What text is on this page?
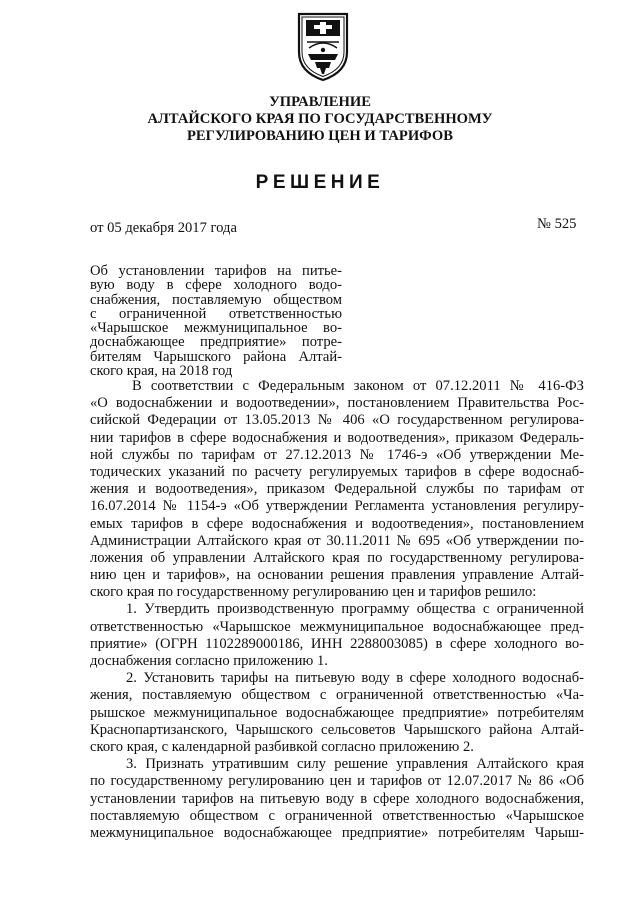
УПРАВЛЕНИЕ
АЛТАЙСКОГО КРАЯ ПО ГОСУДАРСТВЕННОМУ
РЕГУЛИРОВАНИЮ ЦЕН И ТАРИФОВ
РЕШЕНИЕ
от 05 декабря 2017 года	№ 525
Об установлении тарифов на питье-
вую воду в сфере холодного водо-
снабжения, поставляемую обществом
с ограниченной ответственностью
«Чарышское межмуниципальное во-
доснабжающее предприятие» потре-
бителям Чарышского района Алтай-
ского края, на 2018 год
В соответствии с Федеральным законом от 07.12.2011 № 416-ФЗ
«О водоснабжении и водоотведении», постановлением Правительства Рос-
сийской Федерации от 13.05.2013 № 406 «О государственном регулирова-
нии тарифов в сфере водоснабжения и водоотведения», приказом Федераль-
ной службы по тарифам от 27.12.2013 № 1746-э «Об утверждении Ме-
тодических указаний по расчету регулируемых тарифов в сфере водоснаб-
жения и водоотведения», приказом Федеральной службы по тарифам от
16.07.2014 № 1154-э «Об утверждении Регламента установления регулиру-
емых тарифов в сфере водоснабжения и водоотведения», постановлением
Администрации Алтайского края от 30.11.2011 № 695 «Об утверждении по-
ложения об управлении Алтайского края по государственному регулирова-
нию цен и тарифов», на основании решения правления управление Алтай-
ского края по государственному регулированию цен и тарифов решило:
1. Утвердить производственную программу общества с ограниченной
ответственностью «Чарышское межмуниципальное водоснабжающее пред-
приятие» (ОГРН 1102289000186, ИНН 2288003085) в сфере холодного во-
доснабжения согласно приложению 1.
2. Установить тарифы на питьевую воду в сфере холодного водоснаб-
жения, поставляемую обществом с ограниченной ответственностью «Ча-
рышское межмуниципальное водоснабжающее предприятие» потребителям
Краснопартизанского, Чарышского сельсоветов Чарышского района Алтай-
ского края, с календарной разбивкой согласно приложению 2.
3. Признать утратившим силу решение управления Алтайского края
по государственному регулированию цен и тарифов от 12.07.2017 № 86 «Об
установлении тарифов на питьевую воду в сфере холодного водоснабжения,
поставляемую обществом с ограниченной ответственностью «Чарышское
межмуниципальное водоснабжающее предприятие» потребителям Чарыш-
